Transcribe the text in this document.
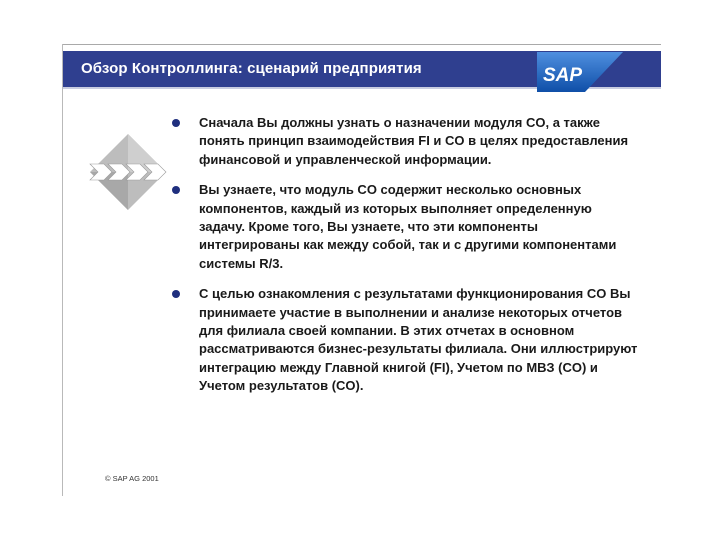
Обзор Контроллинга: сценарий предприятия	SAP
Сначала Вы должны узнать о назначении модуля CO, а также понять принцип взаимодействия FI и CO в целях предоставления финансовой и управленческой информации.
Вы узнаете, что модуль CO содержит несколько основных компонентов, каждый из которых выполняет определенную задачу. Кроме того, Вы узнаете, что эти компоненты интегрированы как между собой, так и с другими компонентами системы R/3.
С целью ознакомления с результатами функционирования CO Вы принимаете участие в выполнении и анализе некоторых отчетов для филиала своей компании. В этих отчетах в основном рассматриваются бизнес-результаты филиала. Они иллюстрируют интеграцию между Главной книгой (FI), Учетом по МВЗ (CO) и Учетом результатов (CO).
© SAP AG 2001
